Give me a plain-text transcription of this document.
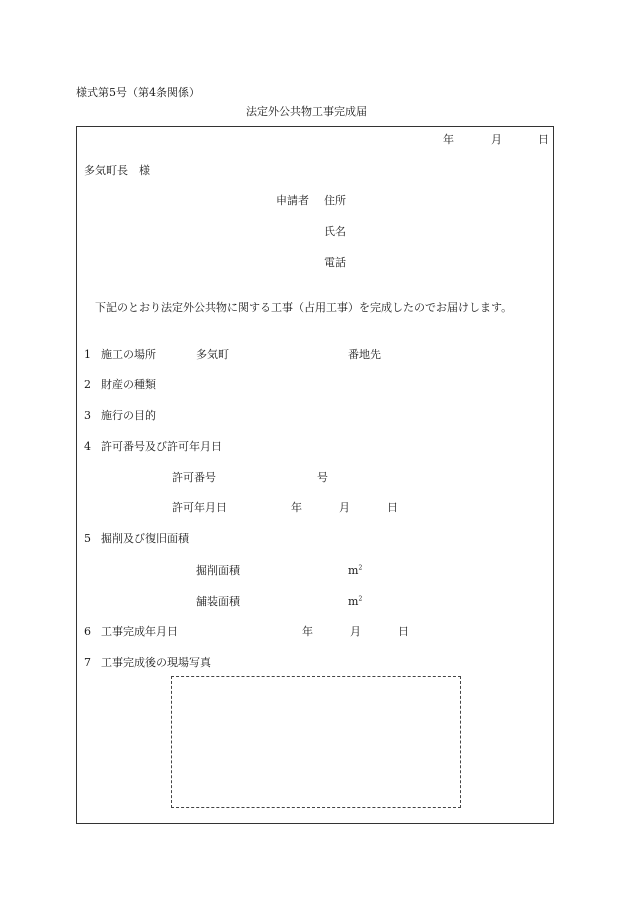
様式第5号（第4条関係）
法定外公共物工事完成届
年	月	日
多気町長　様
申請者 住所
氏名
電話
下記のとおり法定外公共物に関する工事（占用工事）を完成したのでお届けします。
1 施工の場所	多気町	番地先
2 財産の種類
3 施行の目的
4 許可番号及び許可年月日
許可番号	号
許可年月日	年	月	日
5 掘削及び復旧面積
掘削面積	$m^2$
舗装面積	$m^2$
6 工事完成年月日	年	月	日
7 工事完成後の現場写真
